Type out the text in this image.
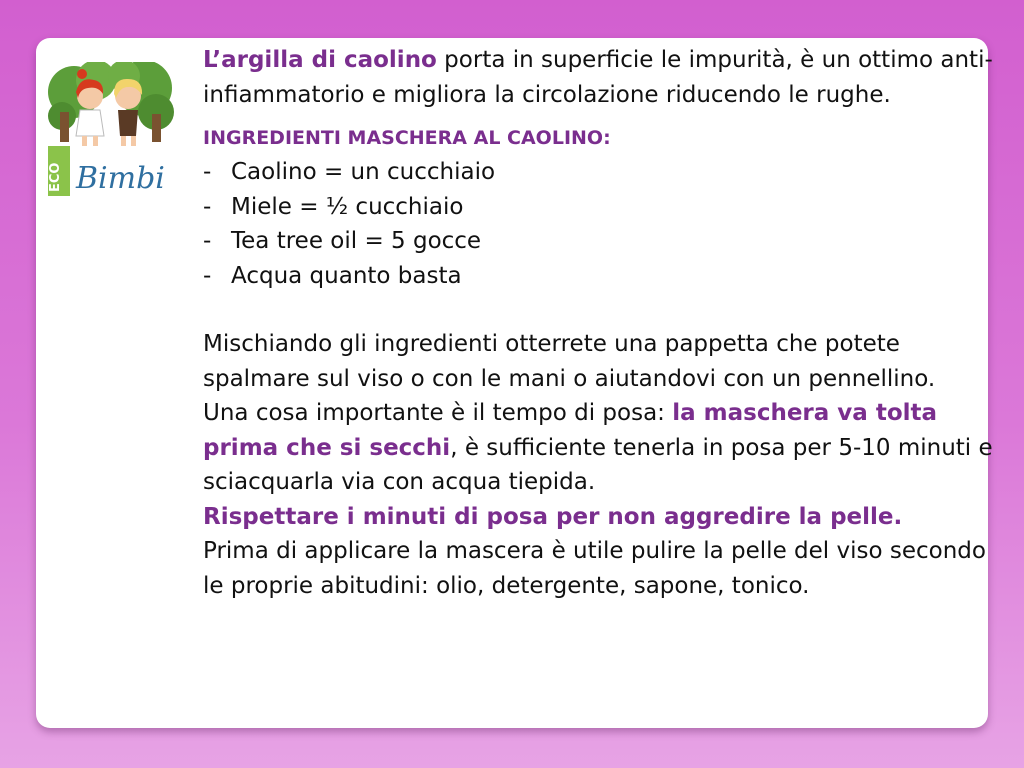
ECO Bimbi

L’argilla di caolino porta in superficie le impurità, è un ottimo anti-infiammatorio e migliora la circolazione riducendo le rughe.

INGREDIENTI MASCHERA AL CAOLINO:

- Caolino = un cucchiaio

- Miele = ½ cucchiaio

- Tea tree oil = 5 gocce

- Acqua quanto basta

Mischiando gli ingredienti otterrete una pappetta che potete spalmare sul viso o con le mani o aiutandovi con un pennellino.

Una cosa importante è il tempo di posa: la maschera va tolta prima che si secchi, è sufficiente tenerla in posa per 5-10 minuti e sciacquarla via con acqua tiepida.

Rispettare i minuti di posa per non aggredire la pelle.

Prima di applicare la mascera è utile pulire la pelle del viso secondo le proprie abitudini: olio, detergente, sapone, tonico.
